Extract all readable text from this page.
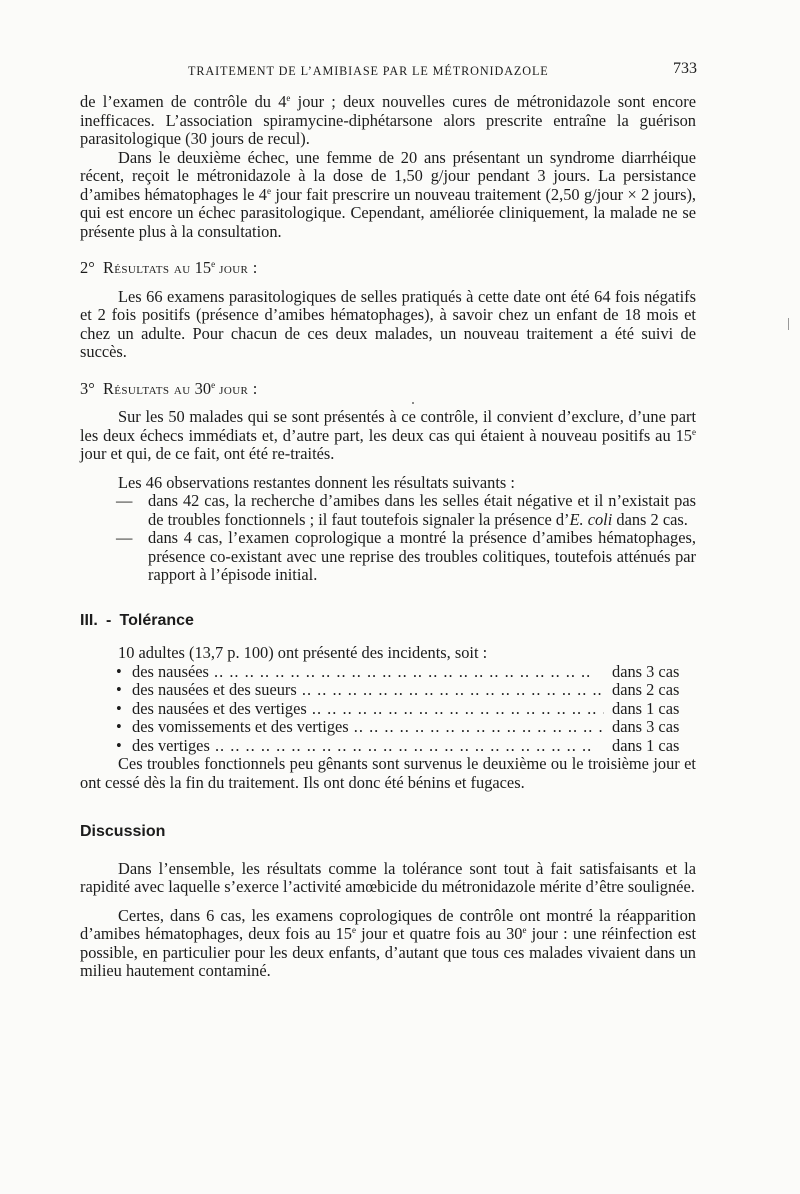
TRAITEMENT DE L’AMIBIASE PAR LE MÉTRONIDAZOLE	733

de l’examen de contrôle du 4e jour ; deux nouvelles cures de métronidazole sont encore inefficaces. L’association spiramycine-diphétarsone alors prescrite entraîne la guérison parasitologique (30 jours de recul).

Dans le deuxième échec, une femme de 20 ans présentant un syndrome diarrhéique récent, reçoit le métronidazole à la dose de 1,50 g/jour pendant 3 jours. La persistance d’amibes hématophages le 4e jour fait prescrire un nouveau traitement (2,50 g/jour × 2 jours), qui est encore un échec parasitologique. Cependant, améliorée cliniquement, la malade ne se présente plus à la consultation.

2° Résultats au 15e jour :

Les 66 examens parasitologiques de selles pratiqués à cette date ont été 64 fois négatifs et 2 fois positifs (présence d’amibes hématophages), à savoir chez un enfant de 18 mois et chez un adulte. Pour chacun de ces deux malades, un nouveau traitement a été suivi de succès.

3° Résultats au 30e jour :

Sur les 50 malades qui se sont présentés à ce contrôle, il convient d’exclure, d’une part les deux échecs immédiats et, d’autre part, les deux cas qui étaient à nouveau positifs au 15e jour et qui, de ce fait, ont été re-traités.

Les 46 observations restantes donnent les résultats suivants :

— dans 42 cas, la recherche d’amibes dans les selles était négative et il n’existait pas de troubles fonctionnels ; il faut toutefois signaler la présence d’E. coli dans 2 cas.
— dans 4 cas, l’examen coprologique a montré la présence d’amibes hématophages, présence co-existant avec une reprise des troubles colitiques, toutefois atténués par rapport à l’épisode initial.

III. - Tolérance

10 adultes (13,7 p. 100) ont présenté des incidents, soit :

• des nausées .. ..	dans 3 cas
• des nausées et des sueurs .. ..	dans 2 cas
• des nausées et des vertiges .. ..	dans 1 cas
• des vomissements et des vertiges .. ..	dans 3 cas
• des vertiges .. ..	dans 1 cas

Ces troubles fonctionnels peu gênants sont survenus le deuxième ou le troisième jour et ont cessé dès la fin du traitement. Ils ont donc été bénins et fugaces.

Discussion

Dans l’ensemble, les résultats comme la tolérance sont tout à fait satisfaisants et la rapidité avec laquelle s’exerce l’activité amœbicide du métronidazole mérite d’être soulignée.

Certes, dans 6 cas, les examens coprologiques de contrôle ont montré la réapparition d’amibes hématophages, deux fois au 15e jour et quatre fois au 30e jour : une réinfection est possible, en particulier pour les deux enfants, d’autant que tous ces malades vivaient dans un milieu hautement contaminé.
